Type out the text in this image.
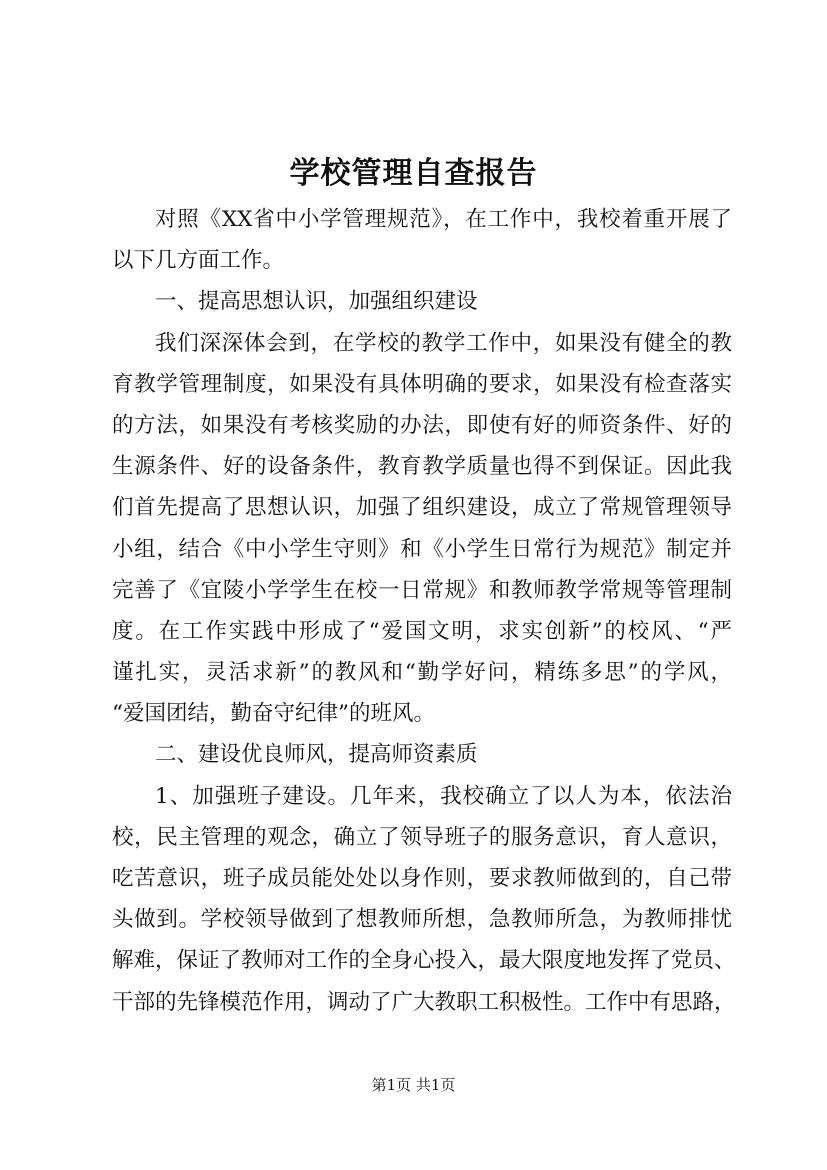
学校管理自查报告
对照《XX省中小学管理规范》，在工作中，我校着重开展了
以下几方面工作。
一、提高思想认识，加强组织建设
我们深深体会到，在学校的教学工作中，如果没有健全的教
育教学管理制度，如果没有具体明确的要求，如果没有检查落实
的方法，如果没有考核奖励的办法，即使有好的师资条件、好的
生源条件、好的设备条件，教育教学质量也得不到保证。因此我
们首先提高了思想认识，加强了组织建设，成立了常规管理领导
小组，结合《中小学生守则》和《小学生日常行为规范》制定并
完善了《宜陵小学学生在校一日常规》和教师教学常规等管理制
度。在工作实践中形成了“爱国文明，求实创新”的校风、“严
谨扎实，灵活求新”的教风和“勤学好问，精练多思”的学风，
“爱国团结，勤奋守纪律”的班风。
二、建设优良师风，提高师资素质
1、加强班子建设。几年来，我校确立了以人为本，依法治
校，民主管理的观念，确立了领导班子的服务意识，育人意识，
吃苦意识，班子成员能处处以身作则，要求教师做到的，自己带
头做到。学校领导做到了想教师所想，急教师所急，为教师排忧
解难，保证了教师对工作的全身心投入，最大限度地发挥了党员、
干部的先锋模范作用，调动了广大教职工积极性。工作中有思路，
第1页 共1页
